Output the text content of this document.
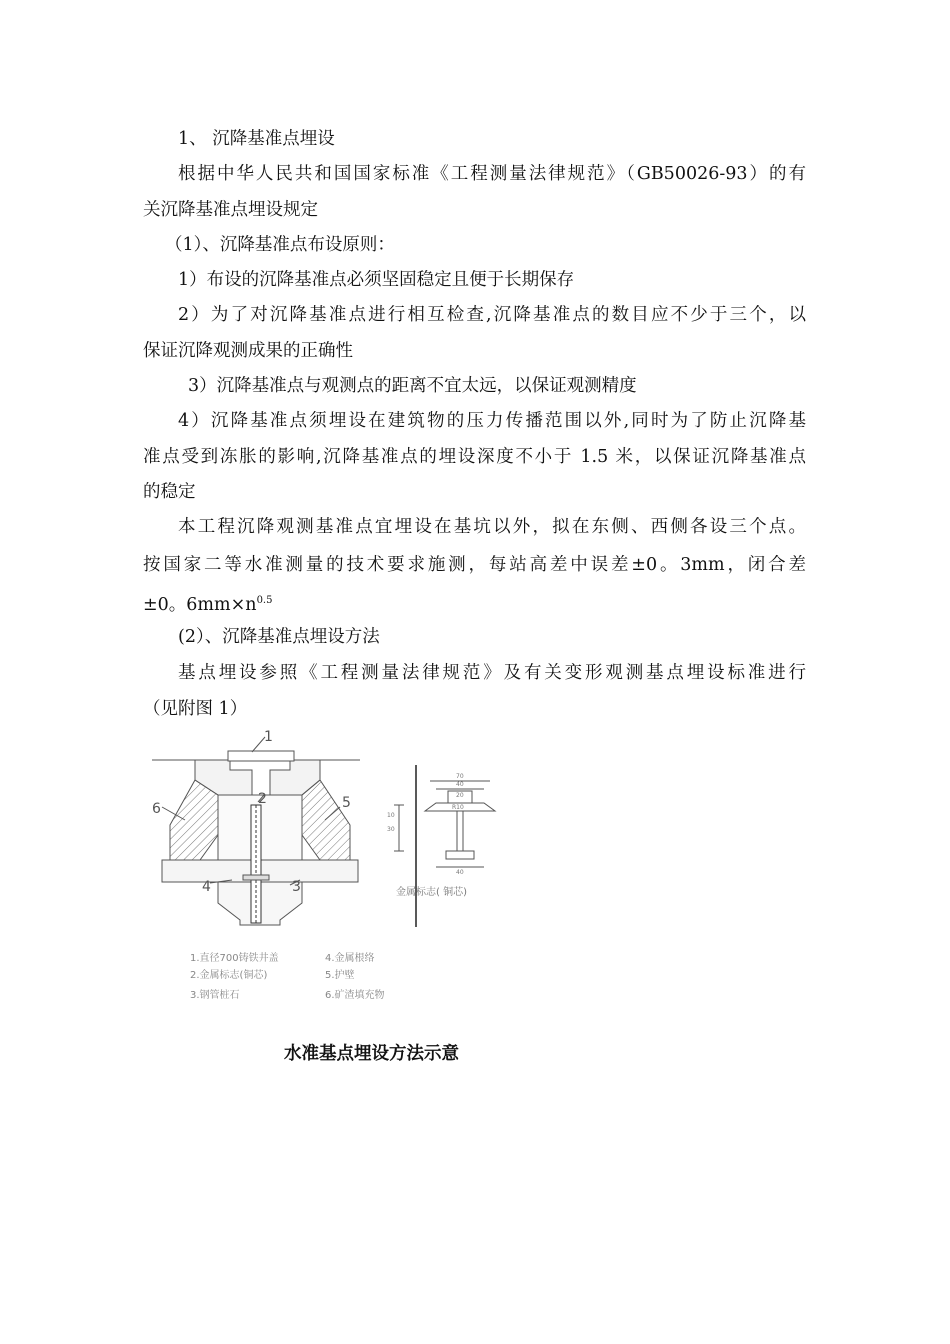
1、 沉降基准点埋设
根据中华人民共和国国家标准《工程测量法律规范》（GB50026-93）的有
关沉降基准点埋设规定
（1）、沉降基准点布设原则：
1）布设的沉降基准点必须坚固稳定且便于长期保存
2）为了对沉降基准点进行相互检查,沉降基准点的数目应不少于三个，以
保证沉降观测成果的正确性
3）沉降基准点与观测点的距离不宜太远，以保证观测精度
4）沉降基准点须埋设在建筑物的压力传播范围以外,同时为了防止沉降基
准点受到冻胀的影响,沉降基准点的埋设深度不小于 1.5 米，以保证沉降基准点
的稳定
本工程沉降观测基准点宜埋设在基坑以外，拟在东侧、西侧各设三个点。
按国家二等水准测量的技术要求施测，每站高差中误差±0。3mm，闭合差
±0。$6mm\times n^{0.5}$
(2）、沉降基准点埋设方法
基点埋设参照《工程测量法律规范》及有关变形观测基点埋设标准进行
（见附图 1）
1
2
3
4
5
6
70
40
20
R10
30
10
40
金属标志( 铜芯)
1.直径700铸铁井盖
2.金属标志(铜芯)
3.钢管桩石
4.金属根络
5.护壁
6.矿渣填充物
水准基点埋设方法示意
